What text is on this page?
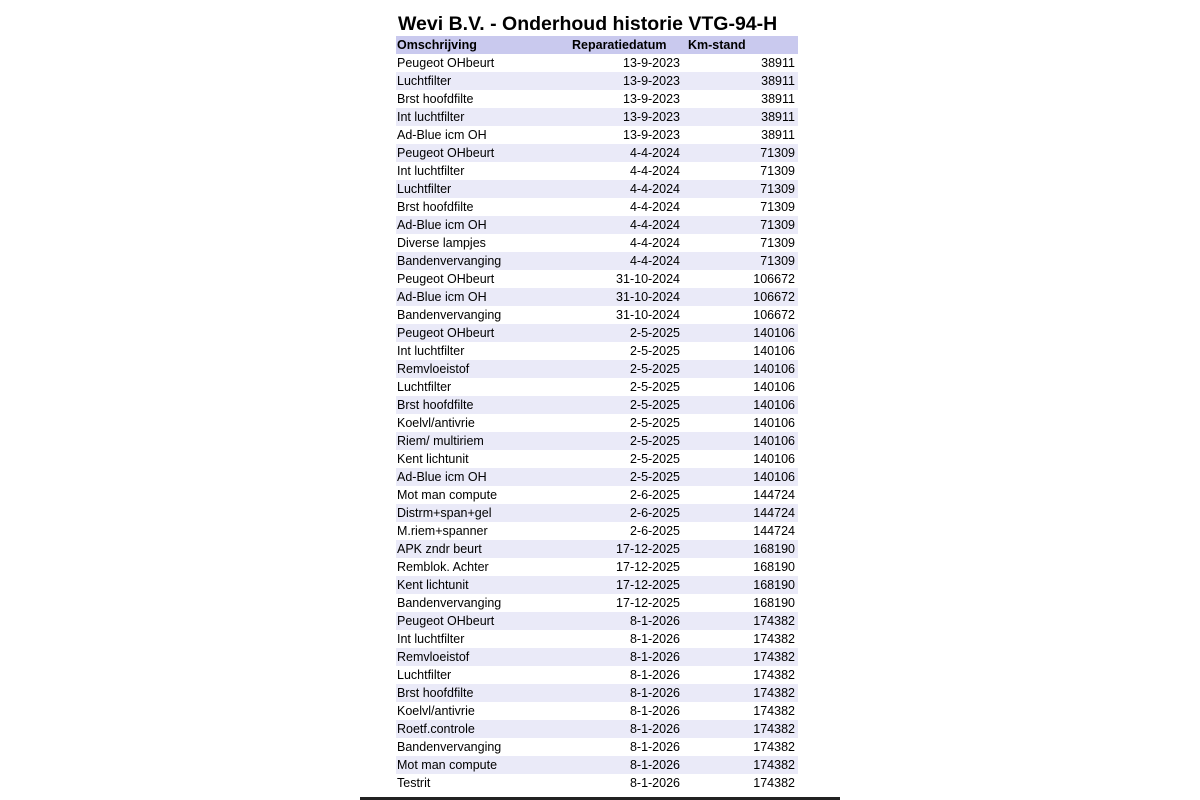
Wevi B.V. - Onderhoud historie VTG-94-H
Omschrijving	Reparatiedatum	Km-stand
Peugeot OHbeurt	13-9-2023	38911
Luchtfilter	13-9-2023	38911
Brst hoofdfilte	13-9-2023	38911
Int luchtfilter	13-9-2023	38911
Ad-Blue icm OH	13-9-2023	38911
Peugeot OHbeurt	4-4-2024	71309
Int luchtfilter	4-4-2024	71309
Luchtfilter	4-4-2024	71309
Brst hoofdfilte	4-4-2024	71309
Ad-Blue icm OH	4-4-2024	71309
Diverse lampjes	4-4-2024	71309
Bandenvervanging	4-4-2024	71309
Peugeot OHbeurt	31-10-2024	106672
Ad-Blue icm OH	31-10-2024	106672
Bandenvervanging	31-10-2024	106672
Peugeot OHbeurt	2-5-2025	140106
Int luchtfilter	2-5-2025	140106
Remvloeistof	2-5-2025	140106
Luchtfilter	2-5-2025	140106
Brst hoofdfilte	2-5-2025	140106
Koelvl/antivrie	2-5-2025	140106
Riem/ multiriem	2-5-2025	140106
Kent lichtunit	2-5-2025	140106
Ad-Blue icm OH	2-5-2025	140106
Mot man compute	2-6-2025	144724
Distrm+span+gel	2-6-2025	144724
M.riem+spanner	2-6-2025	144724
APK zndr beurt	17-12-2025	168190
Remblok. Achter	17-12-2025	168190
Kent lichtunit	17-12-2025	168190
Bandenvervanging	17-12-2025	168190
Peugeot OHbeurt	8-1-2026	174382
Int luchtfilter	8-1-2026	174382
Remvloeistof	8-1-2026	174382
Luchtfilter	8-1-2026	174382
Brst hoofdfilte	8-1-2026	174382
Koelvl/antivrie	8-1-2026	174382
Roetf.controle	8-1-2026	174382
Bandenvervanging	8-1-2026	174382
Mot man compute	8-1-2026	174382
Testrit	8-1-2026	174382
